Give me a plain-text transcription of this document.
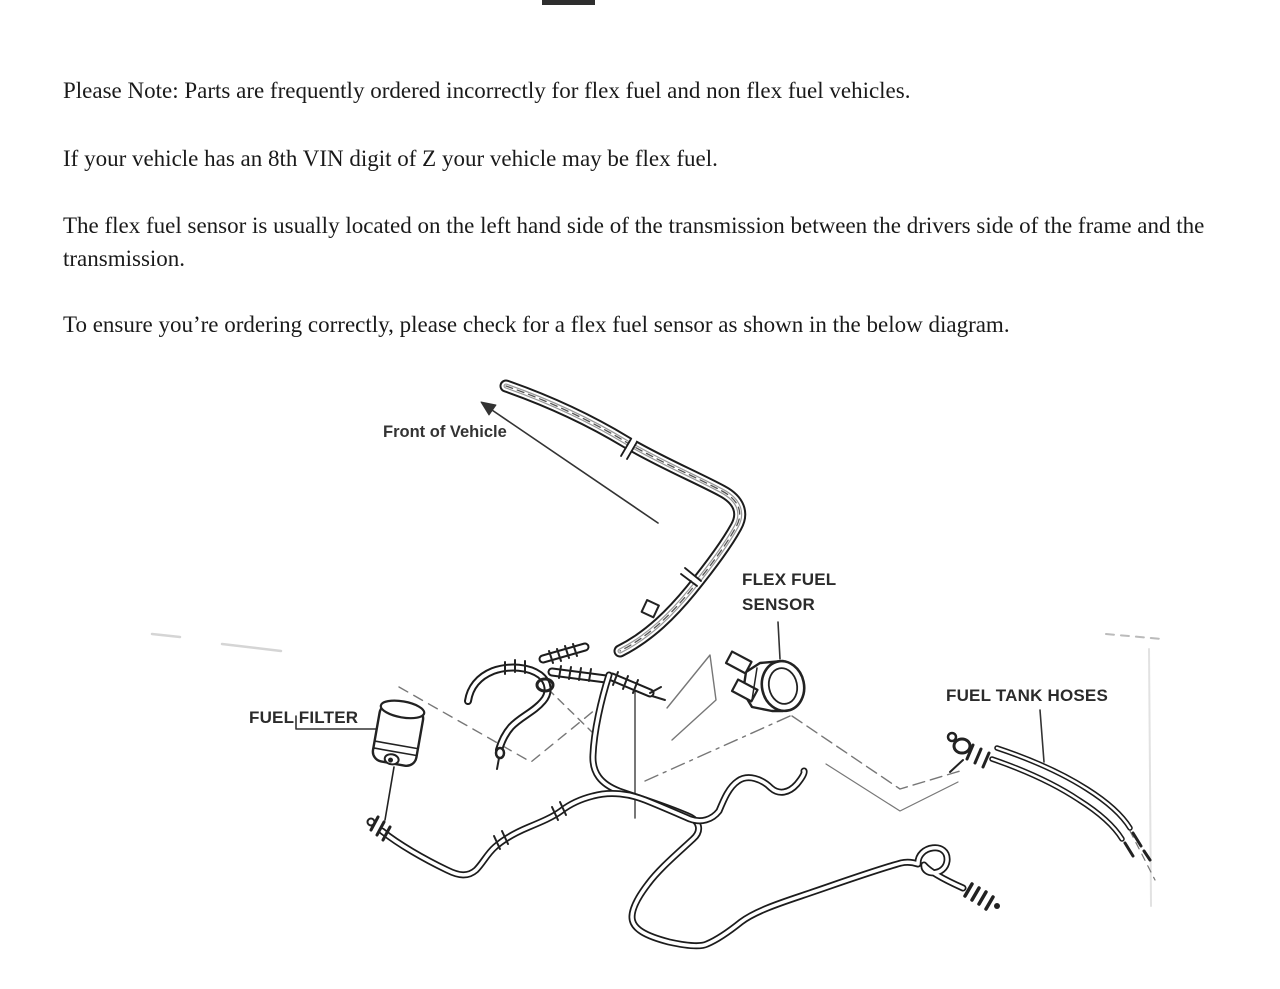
Please Note: Parts are frequently ordered incorrectly for flex fuel and non flex fuel vehicles.
If your vehicle has an 8th VIN digit of Z your vehicle may be flex fuel.
The flex fuel sensor is usually located on the left hand side of the transmission between the drivers side of the frame and the transmission.
To ensure you’re ordering correctly, please check for a flex fuel sensor as shown in the below diagram.
Front of Vehicle
FLEX FUEL
SENSOR
FUEL TANK HOSES
FUEL FILTER
